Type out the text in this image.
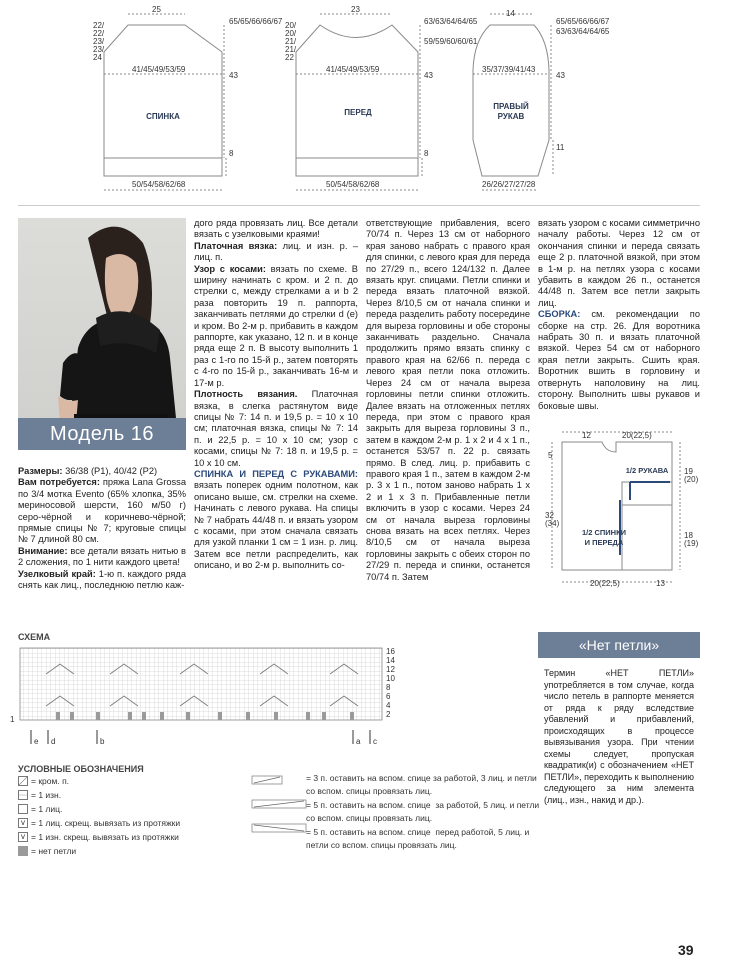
25
22/
22/
23/
23/
24
65/65/66/66/67
41/45/49/53/59
43
СПИНКА
8
50/54/58/62/68
23
20/
20/
21/
21/
22
63/63/64/64/65
59/59/60/60/61
41/45/49/53/59
43
ПЕРЕД
8
50/54/58/62/68
14
65/65/66/66/67
63/63/64/64/65
35/37/39/41/43
43
ПРАВЫЙ
РУКАВ
11
26/26/27/27/28
Модель 16

Размеры: 36/38 (P1), 40/42 (P2)

Вам потребуется: пряжа Lana Grossa по 3/4 мотка Evento (65% хлопка, 35% мериносовой шерсти, 160 м/50 г) серо-чёрной и коричнево-чёрной; прямые спицы № 7; круговые спицы № 7 длиной 80 см.

Внимание: все детали вязать нитью в 2 сложения, по 1 нити каждого цвета!

Узелковый край: 1-ю п. каждого ряда снять как лиц., последнюю петлю каж-

дого ряда провязать лиц. Все детали вязать с узелковыми краями!

Платочная вязка: лиц. и изн. р. – лиц. п.

Узор с косами: вязать по схеме. В ширину начинать с кром. и 2 п. до стрелки c, между стрелками a и b 2 раза повторить 19 п. раппорта, заканчивать петлями до стрелки d (e) и кром. Во 2-м р. прибавить в каждом раппорте, как указано, 12 п. и в конце ряда еще 2 п. В высоту выполнить 1 раз с 1-го по 15-й р., затем повторять с 4-го по 15-й р., заканчивать 16-м и 17-м р.

Плотность вязания. Платочная вязка, в слегка растянутом виде спицы № 7: 14 п. и 19,5 р. = 10 х 10 см; платочная вязка, спицы № 7: 14 п. и 22,5 р. = 10 х 10 см; узор с косами, спицы № 7: 18 п. и 19,5 р. = 10 х 10 см.

СПИНКА И ПЕРЕД С РУКАВАМИ: вязать поперек одним полотном, как описано выше, см. стрелки на схеме. Начинать с левого рукава. На спицы № 7 набрать 44/48 п. и вязать узором с косами, при этом сначала связать для узкой планки 1 см = 1 изн. р. лиц. Затем все петли распределить, как описано, и во 2-м р. выполнить со-

ответствующие прибавления, всего 70/74 п. Через 13 см от наборного края заново набрать с правого края для спинки, с левого края для переда по 27/29 п., всего 124/132 п. Далее вязать круг. спицами. Петли спинки и переда вязать платочной вязкой. Через 8/10,5 см от начала спинки и переда разделить работу посередине для выреза горловины и обе стороны заканчивать раздельно. Сначала продолжить прямо вязать спинку с правого края на 62/66 п. переда с левого края петли пока отложить. Через 24 см от начала выреза горловины петли спинки отложить. Далее вязать на отложенных петлях переда, при этом с правого края закрыть для выреза горловины 3 п., затем в каждом 2-м р. 1 х 2 и 4 х 1 п., останется 53/57 п. 22 р. связать прямо. В след. лиц. р. прибавить с правого края 1 п., затем в каждом 2-м р. 3 х 1 п., потом заново набрать 1 х 2 и 1 х 3 п. Прибавленные петли включить в узор с косами. Через 24 см от начала выреза горловины снова вязать на всех петлях. Через 8/10,5 см от начала выреза горловины закрыть с обеих сторон по 27/29 п. переда и спинки, останется 70/74 п. Затем

вязать узором с косами симметрично началу работы. Через 12 см от окончания спинки и переда связать еще 2 р. платочной вязкой, при этом в 1-м р. на петлях узора с косами убавить в каждом 26 п., останется 44/48 п. Затем все петли закрыть лиц.

СБОРКА: см. рекомендации по сборке на стр. 26. Для воротника набрать 30 п. и вязать платочной вязкой. Через 54 см от наборного края петли закрыть. Сшить края. Воротник вшить в горловину и отвернуть наполовину на лиц. сторону. Выполнить швы рукавов и боковые швы.

12	20(22,5)
5
32
(34)
19
(20)
18
(19)
20(22,5)	13
1/2 РУКАВА
1/2 СПИНКИ
И ПЕРЕДА
СХЕМА
16
14
12
10
8
6
4
2
1
e d	b	a c
УСЛОВНЫЕ ОБОЗНАЧЕНИЯ
= кром. п.
= 1 изн.
= 1 лиц.
v = 1 лиц. скрещ. вывязать из протяжки
v = 1 изн. скрещ. вывязать из протяжки
= нет петли
= 3 п. оставить на вспом. спице за работой, 3 лиц. и петли
со вспом. спицы провязать лиц.
= 5 п. оставить на вспом. спице  за работой, 5 лиц. и петли
со вспом. спицы провязать лиц.
= 5 п. оставить на вспом. спице  перед работой, 5 лиц. и
петли со вспом. спицы провязать лиц.
«Нет петли»
Термин «НЕТ ПЕТЛИ» употребляется в том случае, когда число петель в раппорте меняется от ряда к ряду вследствие убавлений и прибавлений, происходящих в процессе вывязывания узора. При чтении схемы следует, пропуская квадратик(и) с обозначением «НЕТ ПЕТЛИ», переходить к выполнению следующего за ним элемента (лиц., изн., накид и др.).
39
